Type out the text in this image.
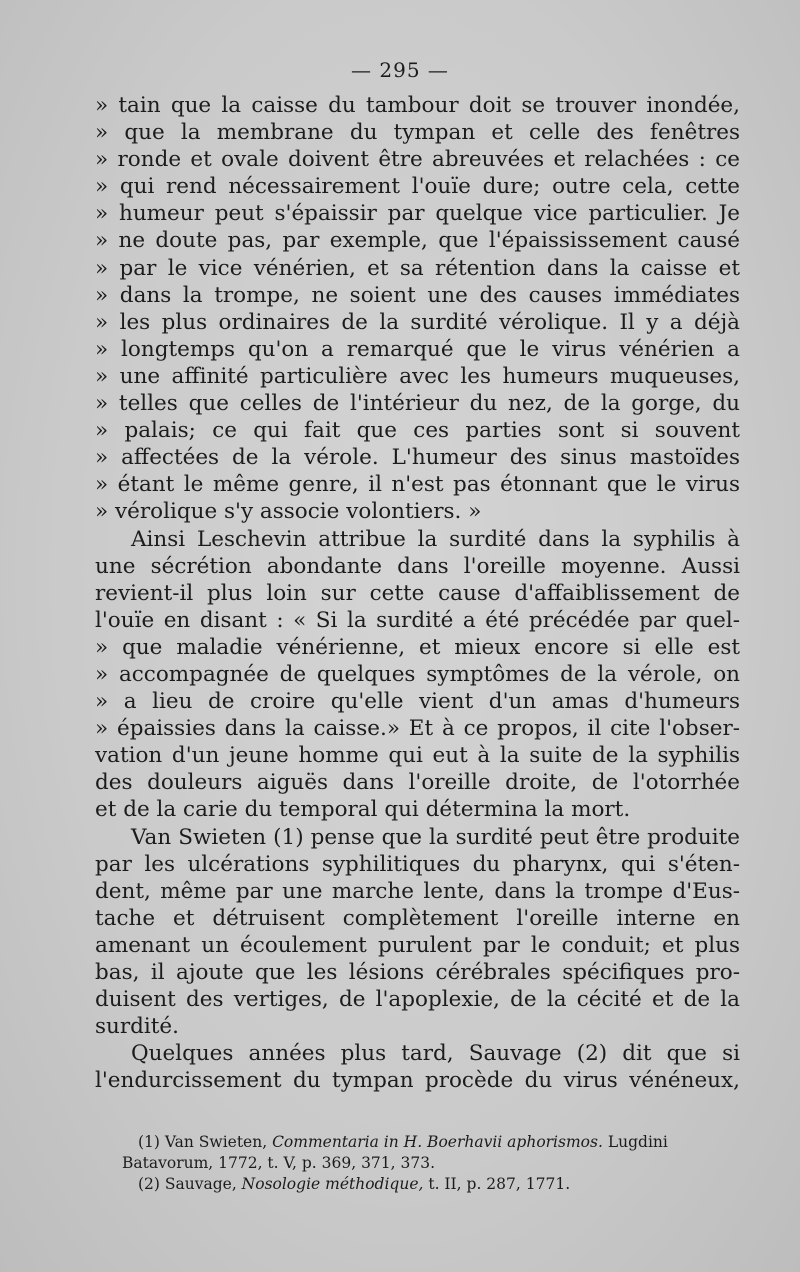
— 295 —
» tain que la caisse du tambour doit se trouver inondée,
» que la membrane du tympan et celle des fenêtres
» ronde et ovale doivent être abreuvées et relachées : ce
» qui rend nécessairement l'ouïe dure; outre cela, cette
» humeur peut s'épaissir par quelque vice particulier. Je
» ne doute pas, par exemple, que l'épaississement causé
» par le vice vénérien, et sa rétention dans la caisse et
» dans la trompe, ne soient une des causes immédiates
» les plus ordinaires de la surdité vérolique. Il y a déjà
» longtemps qu'on a remarqué que le virus vénérien a
» une affinité particulière avec les humeurs muqueuses,
» telles que celles de l'intérieur du nez, de la gorge, du
» palais; ce qui fait que ces parties sont si souvent
» affectées de la vérole. L'humeur des sinus mastoïdes
» étant le même genre, il n'est pas étonnant que le virus
» vérolique s'y associe volontiers. »
Ainsi Leschevin attribue la surdité dans la syphilis à
une sécrétion abondante dans l'oreille moyenne. Aussi
revient-il plus loin sur cette cause d'affaiblissement de
l'ouïe en disant : « Si la surdité a été précédée par quel-
» que maladie vénérienne, et mieux encore si elle est
» accompagnée de quelques symptômes de la vérole, on
» a lieu de croire qu'elle vient d'un amas d'humeurs
» épaissies dans la caisse.» Et à ce propos, il cite l'obser-
vation d'un jeune homme qui eut à la suite de la syphilis
des douleurs aiguës dans l'oreille droite, de l'otorrhée
et de la carie du temporal qui détermina la mort.
Van Swieten (1) pense que la surdité peut être produite
par les ulcérations syphilitiques du pharynx, qui s'éten-
dent, même par une marche lente, dans la trompe d'Eus-
tache et détruisent complètement l'oreille interne en
amenant un écoulement purulent par le conduit; et plus
bas, il ajoute que les lésions cérébrales spécifiques pro-
duisent des vertiges, de l'apoplexie, de la cécité et de la
surdité.
Quelques années plus tard, Sauvage (2) dit que si
l'endurcissement du tympan procède du virus vénéneux,
(1) Van Swieten, Commentaria in H. Boerhavii aphorismos. Lugdini
Batavorum, 1772, t. V, p. 369, 371, 373.
(2) Sauvage, Nosologie méthodique, t. II, p. 287, 1771.
